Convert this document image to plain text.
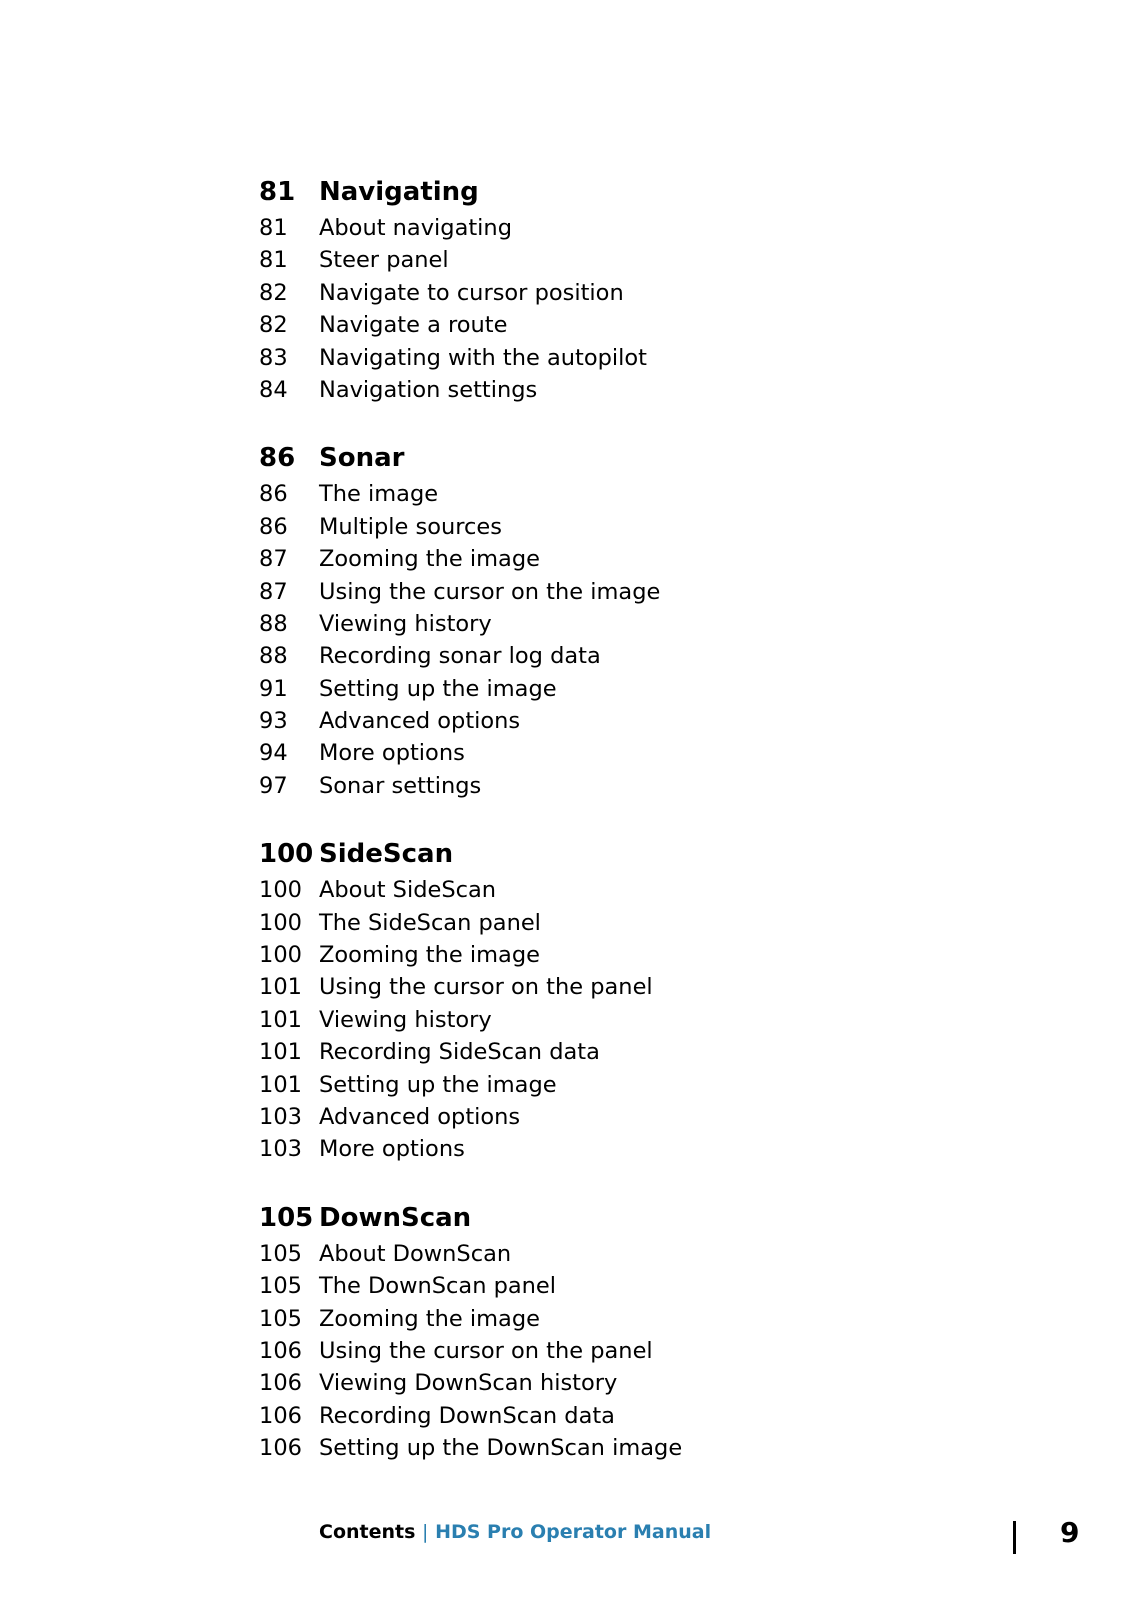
81 Navigating
81	About navigating
81	Steer panel
82	Navigate to cursor position
82	Navigate a route
83	Navigating with the autopilot
84	Navigation settings
86 Sonar
86	The image
86	Multiple sources
87	Zooming the image
87	Using the cursor on the image
88	Viewing history
88	Recording sonar log data
91	Setting up the image
93	Advanced options
94	More options
97	Sonar settings
100 SideScan
100 About SideScan
100 The SideScan panel
100 Zooming the image
101 Using the cursor on the panel
101 Viewing history
101 Recording SideScan data
101 Setting up the image
103 Advanced options
103 More options
105 DownScan
105 About DownScan
105 The DownScan panel
105 Zooming the image
106 Using the cursor on the panel
106 Viewing DownScan history
106 Recording DownScan data
106 Setting up the DownScan image
Contents | HDS Pro Operator Manual	9
